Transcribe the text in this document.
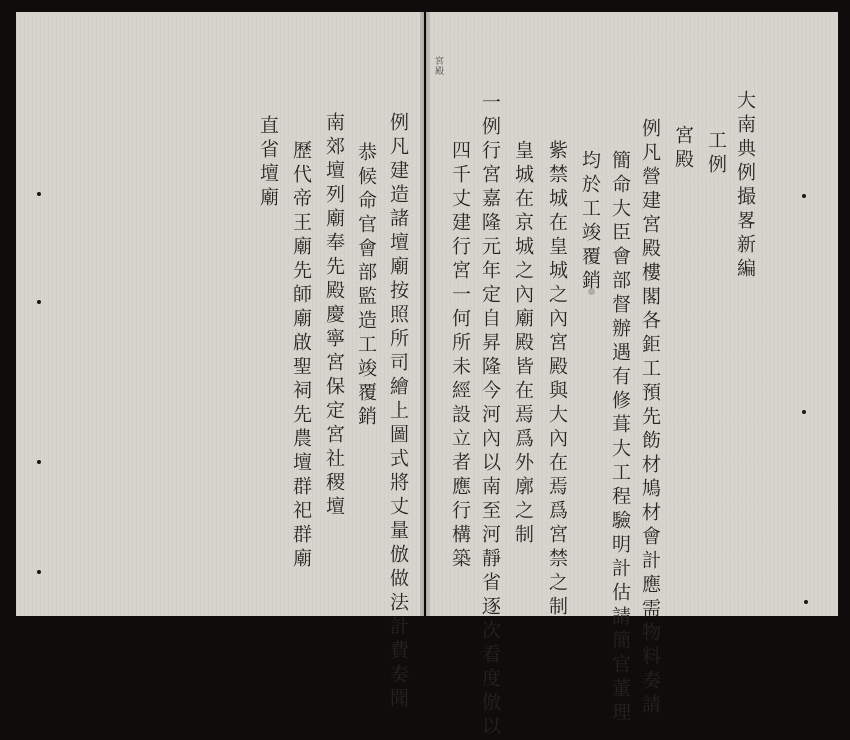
宮殿
大南典例撮畧新編
工例
宮殿
例凡營建宮殿樓閣各鉅工預先飭材鳩材會計應需物料奏請
簡命大臣會部督辦遇有修葺大工程驗明計估請簡官董理
均於工竣覆銷
紫禁城在皇城之內宮殿與大內在焉爲宮禁之制
皇城在京城之內廟殿皆在焉爲外廓之制
一例行宮嘉隆元年定自昇隆今河內以南至河靜省逐次看度倣以
四千丈建行宮一何所未經設立者應行構築
例凡建造諸壇廟按照所司繪上圖式將丈量倣做法計費奏聞
恭候命官會部監造工竣覆銷
南郊壇列廟奉先殿慶寧宮保定宮社稷壇
歷代帝王廟先師廟啟聖祠先農壇群祀群廟
直省壇廟
